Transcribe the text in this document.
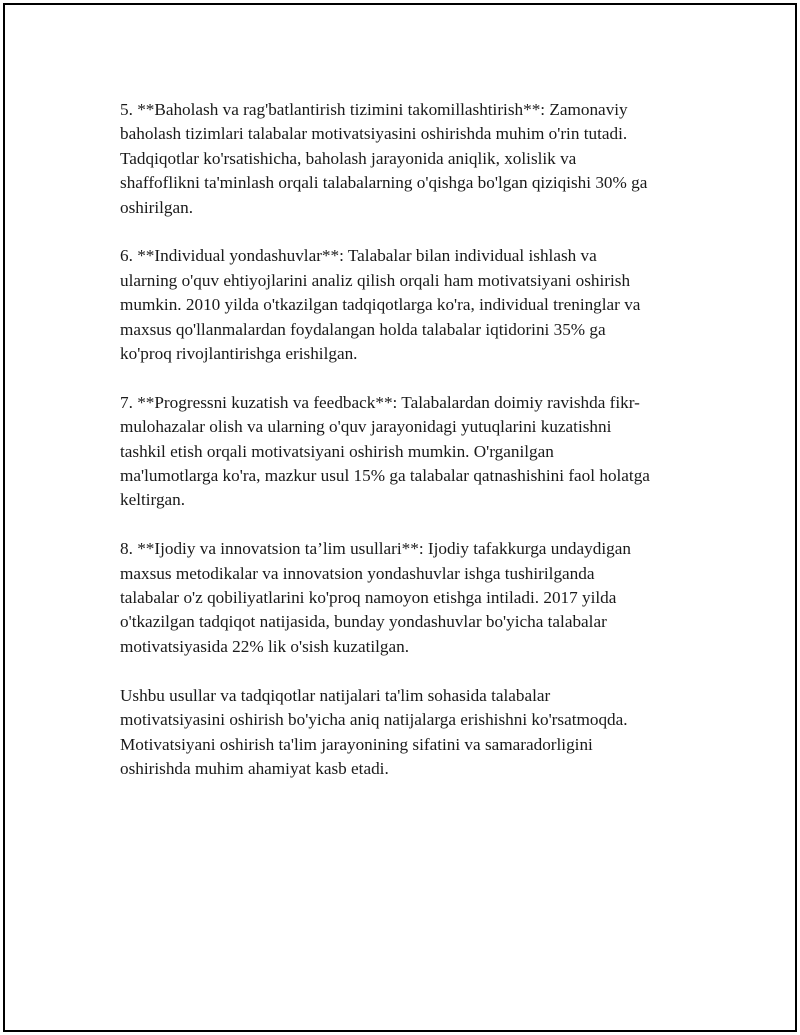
5. **Baholash va rag'batlantirish tizimini takomillashtirish**: Zamonaviy
baholash tizimlari talabalar motivatsiyasini oshirishda muhim o'rin tutadi.
Tadqiqotlar ko'rsatishicha, baholash jarayonida aniqlik, xolislik va
shaffoflikni ta'minlash orqali talabalarning o'qishga bo'lgan qiziqishi 30% ga
oshirilgan.

6. **Individual yondashuvlar**: Talabalar bilan individual ishlash va
ularning o'quv ehtiyojlarini analiz qilish orqali ham motivatsiyani oshirish
mumkin. 2010 yilda o'tkazilgan tadqiqotlarga ko'ra, individual treninglar va
maxsus qo'llanmalardan foydalangan holda talabalar iqtidorini 35% ga
ko'proq rivojlantirishga erishilgan.

7. **Progressni kuzatish va feedback**: Talabalardan doimiy ravishda fikr-
mulohazalar olish va ularning o'quv jarayonidagi yutuqlarini kuzatishni
tashkil etish orqali motivatsiyani oshirish mumkin. O'rganilgan
ma'lumotlarga ko'ra, mazkur usul 15% ga talabalar qatnashishini faol holatga
keltirgan.

8. **Ijodiy va innovatsion ta’lim usullari**: Ijodiy tafakkurga undaydigan
maxsus metodikalar va innovatsion yondashuvlar ishga tushirilganda
talabalar o'z qobiliyatlarini ko'proq namoyon etishga intiladi. 2017 yilda
o'tkazilgan tadqiqot natijasida, bunday yondashuvlar bo'yicha talabalar
motivatsiyasida 22% lik o'sish kuzatilgan.

Ushbu usullar va tadqiqotlar natijalari ta'lim sohasida talabalar
motivatsiyasini oshirish bo'yicha aniq natijalarga erishishni ko'rsatmoqda.
Motivatsiyani oshirish ta'lim jarayonining sifatini va samaradorligini
oshirishda muhim ahamiyat kasb etadi.
